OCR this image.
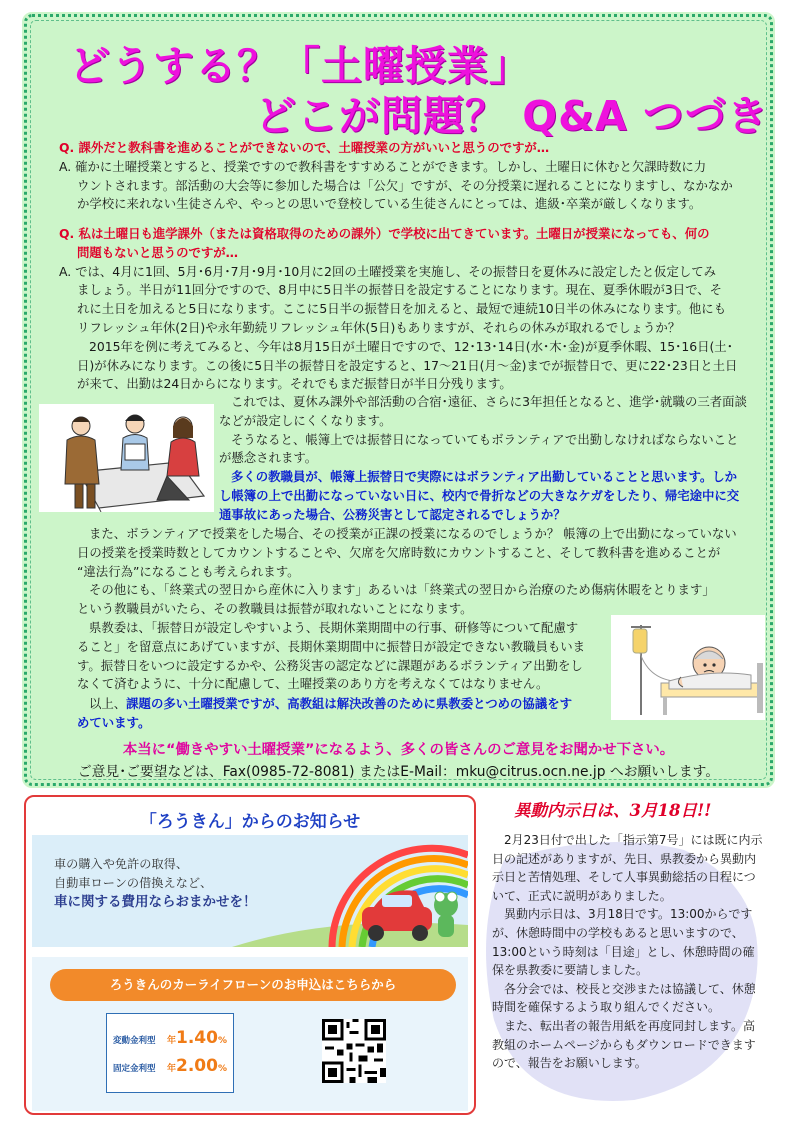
どうする？「土曜授業」
どこが問題？ Q&A つづき
Q. 課外だと教科書を進めることができないので、土曜授業の方がいいと思うのですが…
A. 確かに土曜授業とすると、授業ですので教科書をすすめることができます。しかし、土曜日に休むと欠課時数に力
ウントされます。部活動の大会等に参加した場合は「公欠」ですが、その分授業に遅れることになりますし、なかなか
か学校に来れない生徒さんや、やっとの思いで登校している生徒さんにとっては、進級･卒業が厳しくなります。
Q. 私は土曜日も進学課外（または資格取得のための課外）で学校に出てきています。土曜日が授業になっても、何の
問題もないと思うのですが…
A. では、4月に1回、5月･6月･7月･9月･10月に2回の土曜授業を実施し、その振替日を夏休みに設定したと仮定してみ
ましょう。半日が11回分ですので、8月中に5日半の振替日を設定することになります。現在、夏季休暇が3日で、そ
れに土日を加えると5日になります。ここに5日半の振替日を加えると、最短で連続10日半の休みになります。他にも
リフレッシュ年休(2日)や永年勤続リフレッシュ年休(5日)もありますが、それらの休みが取れるでしょうか？
2015年を例に考えてみると、今年は8月15日が土曜日ですので、12･13･14日(水･木･金)が夏季休暇、15･16日(土･
日)が休みになります。この後に5日半の振替日を設定すると、17～21日(月～金)までが振替日で、更に22･23日と土日
が来て、出勤は24日からになります。それでもまだ振替日が半日分残ります。
これでは、夏休み課外や部活動の合宿･遠征、さらに3年担任となると、進学･就職の三者面談
などが設定しにくくなります。
そうなると、帳簿上では振替日になっていてもボランティアで出勤しなければならないこと
が懸念されます。
多くの教職員が、帳簿上振替日で実際にはボランティア出勤していることと思います。しか
し帳簿の上で出勤になっていない日に、校内で骨折などの大きなケガをしたり、帰宅途中に交
通事故にあった場合、公務災害として認定されるでしょうか？
また、ボランティアで授業をした場合、その授業が正課の授業になるのでしょうか？ 帳簿の上で出勤になっていない
日の授業を授業時数としてカウントすることや、欠席を欠席時数にカウントすること、そして教科書を進めることが
“違法行為”になることも考えられます。
その他にも、「終業式の翌日から産休に入ります」あるいは「終業式の翌日から治療のため傷病休暇をとります」
という教職員がいたら、その教職員は振替が取れないことになります。
県教委は、「振替日が設定しやすいよう、長期休業期間中の行事、研修等について配慮す
ること」を留意点にあげていますが、長期休業期間中に振替日が設定できない教職員もいま
す。振替日をいつに設定するかや、公務災害の認定などに課題があるボランティア出勤をし
なくて済むように、十分に配慮して、土曜授業のあり方を考えなくてはなりません。
以上、課題の多い土曜授業ですが、高教組は解決改善のために県教委とつめの協議をす
めています。
本当に“働きやすい土曜授業”になるよう、多くの皆さんのご意見をお聞かせ下さい。
ご意見･ご要望などは、Fax(0985-72-8081) またはE-Mail：mku@citrus.ocn.ne.jp へお願いします。
「ろうきん」からのお知らせ
車の購入や免許の取得、
自動車ローンの借換えなど、
車に関する費用ならおまかせを！
ろうきんのカーライフローンのお申込はこちらから
変動金利型 年1.40%
固定金利型 年2.00%
異動内示日は、3月18日!!

2月23日付で出した「指示第7号」には既に内示日の記述がありますが、先日、県教委から異動内示日と苦情処理、そして人事異動総括の日程について、正式に説明がありました。

異動内示日は、3月18日です。13:00からですが、休憩時間中の学校もあると思いますので、13:00という時刻は「目途」とし、休憩時間の確保を県教委に要請しました。

各分会では、校長と交渉または協議して、休憩時間を確保するよう取り組んでください。

また、転出者の報告用紙を再度同封します。高教組のホームページからもダウンロードできますので、報告をお願いします。
